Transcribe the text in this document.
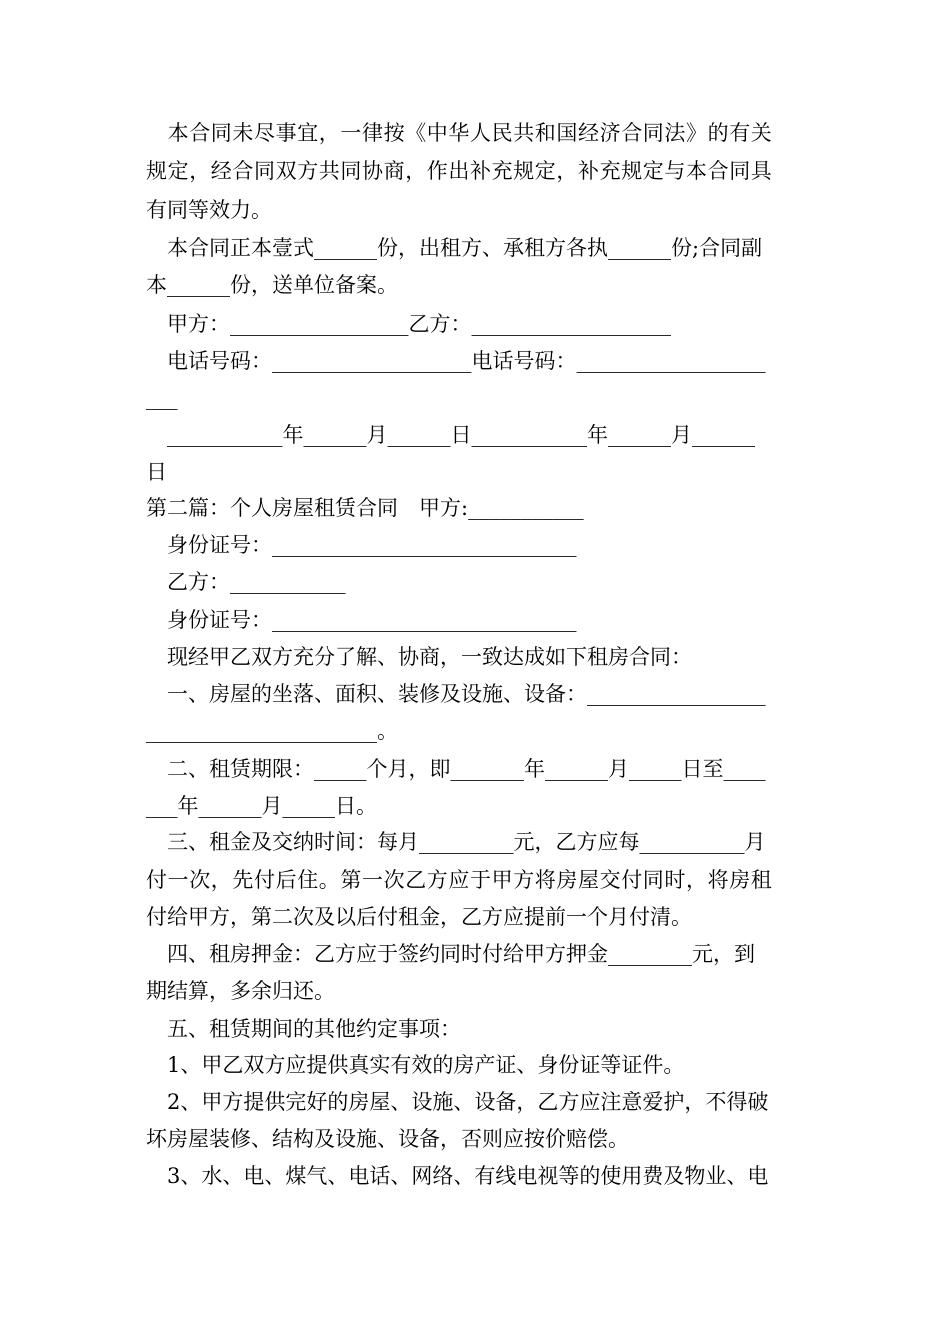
　本合同未尽事宜，一律按《中华人民共和国经济合同法》的有关
规定，经合同双方共同协商，作出补充规定，补充规定与本合同具
有同等效力。
　本合同正本壹式______份，出租方、承租方各执______份;合同副
本______份，送单位备案。
　甲方：_________________乙方：___________________
　电话号码：___________________电话号码：__________________
___
　___________年______月______日___________年______月______
日
第二篇：个人房屋租赁合同　甲方:___________
　身份证号：_____________________________
　乙方：___________
　身份证号：_____________________________
　现经甲乙双方充分了解、协商，一致达成如下租房合同：
　一、房屋的坐落、面积、装修及设施、设备：_________________
______________________。
　二、租赁期限：_____个月，即_______年______月_____日至____
___年______月_____日。
　三、租金及交纳时间：每月_________元，乙方应每__________月
付一次，先付后住。第一次乙方应于甲方将房屋交付同时，将房租
付给甲方，第二次及以后付租金，乙方应提前一个月付清。
　四、租房押金：乙方应于签约同时付给甲方押金________元，到
期结算，多余归还。
　五、租赁期间的其他约定事项：
　1、甲乙双方应提供真实有效的房产证、身份证等证件。
　2、甲方提供完好的房屋、设施、设备，乙方应注意爱护，不得破
坏房屋装修、结构及设施、设备，否则应按价赔偿。
　3、水、电、煤气、电话、网络、有线电视等的使用费及物业、电
